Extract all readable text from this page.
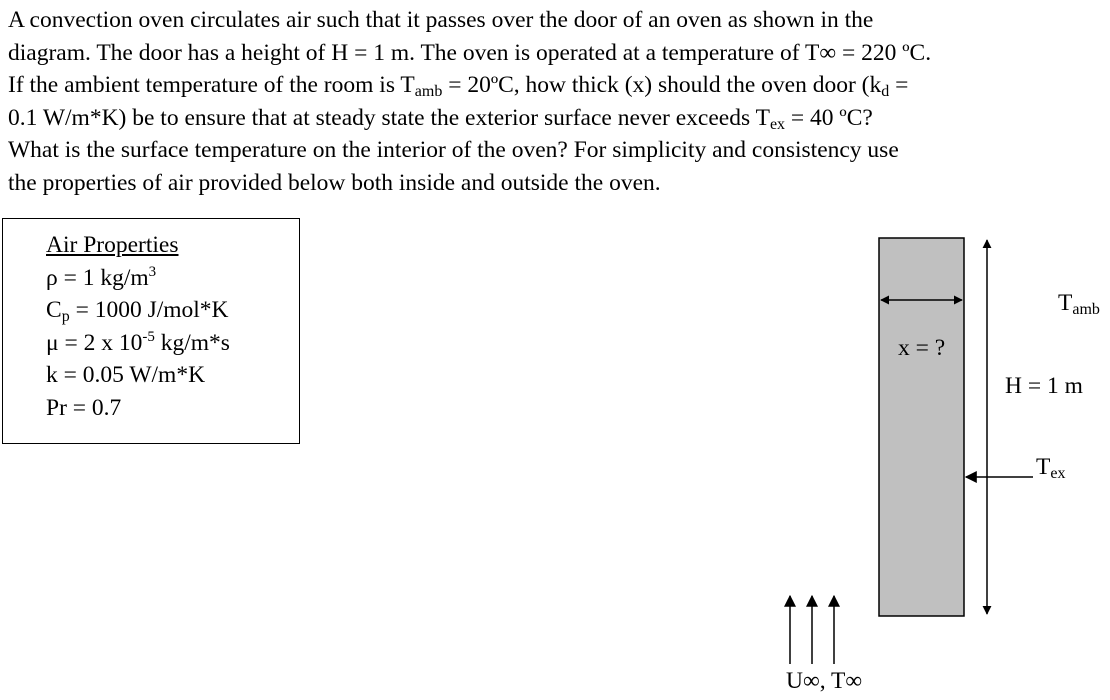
A convection oven circulates air such that it passes over the door of an oven as shown in the
diagram. The door has a height of H = 1 m. The oven is operated at a temperature of T∞ = 220 ºC.
If the ambient temperature of the room is $T_{amb}$ = 20ºC, how thick (x) should the oven door ($k_d$ =
0.1 W/m*K) be to ensure that at steady state the exterior surface never exceeds $T_{ex} = 40$ ºC?
What is the surface temperature on the interior of the oven? For simplicity and consistency use
the properties of air provided below both inside and outside the oven.
Air Properties
ρ = 1 $kg/m^3$
$C_p = 1000$ J/mol*K
μ = 2 x $10^{-5}$ kg/m*s
k = 0.05 W/m*K
Pr = 0.7
x = ?
$T_{amb}$
H = 1 m
$T_{ex}$
U∞, T∞
